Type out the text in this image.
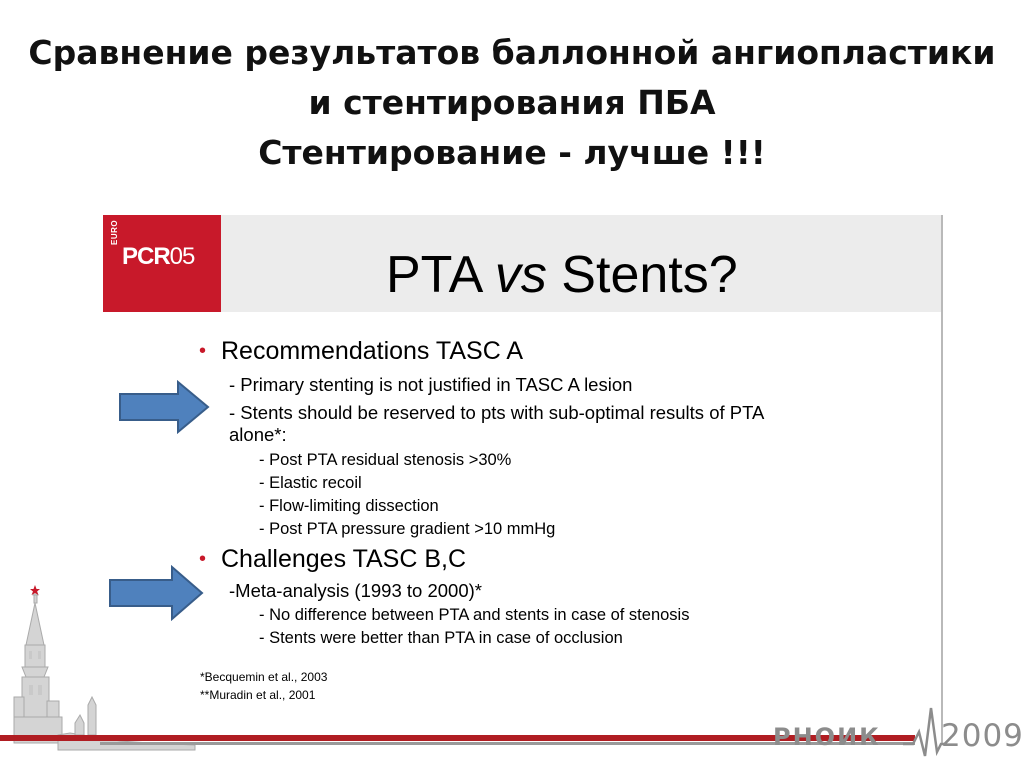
Сравнение результатов баллонной ангиопластики
и стентирования ПБА
Стентирование - лучше !!!
EURO
PCR05	PTA vs Stents?
• Recommendations TASC A
- Primary stenting is not justified in TASC A lesion
- Stents should be reserved to pts with sub-optimal results of PTA
alone*:
- Post PTA residual stenosis >30%
- Elastic recoil
- Flow-limiting dissection
- Post PTA pressure gradient >10 mmHg
• Challenges TASC B,C
-Meta-analysis (1993 to 2000)*
- No difference between PTA and stents in case of stenosis
- Stents were better than PTA in case of occlusion
*Becquemin et al., 2003
**Muradin et al., 2001
РНОИК 2009
